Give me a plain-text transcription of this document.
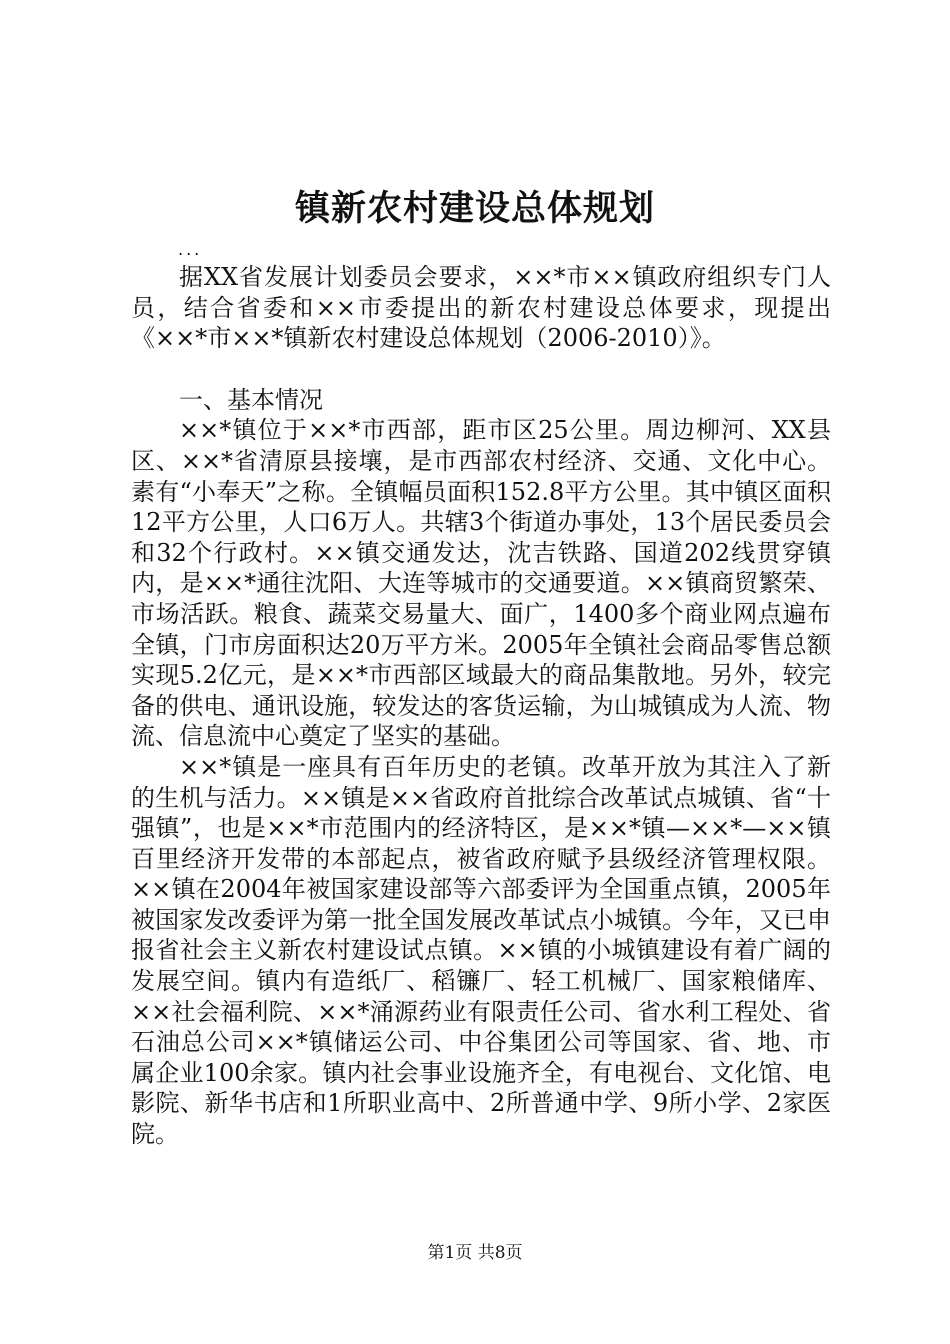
镇新农村建设总体规划
...

据XX省发展计划委员会要求，××*市××镇政府组织专门人员，结合省委和××市委提出的新农村建设总体要求，现提出《××*市××*镇新农村建设总体规划（2006-2010）》。

一、基本情况

××*镇位于××*市西部，距市区25公里。周边柳河、XX县区、××*省清原县接壤，是市西部农村经济、交通、文化中心。素有“小奉天”之称。全镇幅员面积152.8平方公里。其中镇区面积12平方公里，人口6万人。共辖3个街道办事处，13个居民委员会和32个行政村。××镇交通发达，沈吉铁路、国道202线贯穿镇内，是××*通往沈阳、大连等城市的交通要道。××镇商贸繁荣、市场活跃。粮食、蔬菜交易量大、面广，1400多个商业网点遍布全镇，门市房面积达20万平方米。2005年全镇社会商品零售总额实现5.2亿元，是××*市西部区域最大的商品集散地。另外，较完备的供电、通讯设施，较发达的客货运输，为山城镇成为人流、物流、信息流中心奠定了坚实的基础。

××*镇是一座具有百年历史的老镇。改革开放为其注入了新的生机与活力。××镇是××省政府首批综合改革试点城镇、省“十强镇”，也是××*市范围内的经济特区，是××*镇—××*—××镇百里经济开发带的本部起点，被省政府赋予县级经济管理权限。××镇在2004年被国家建设部等六部委评为全国重点镇，2005年被国家发改委评为第一批全国发展改革试点小城镇。今年，又已申报省社会主义新农村建设试点镇。××镇的小城镇建设有着广阔的发展空间。镇内有造纸厂、稻镰厂、轻工机械厂、国家粮储库、××社会福利院、××*涌源药业有限责任公司、省水利工程处、省石油总公司××*镇储运公司、中谷集团公司等国家、省、地、市属企业100余家。镇内社会事业设施齐全，有电视台、文化馆、电影院、新华书店和1所职业高中、2所普通中学、9所小学、2家医院。

第1页 共8页
